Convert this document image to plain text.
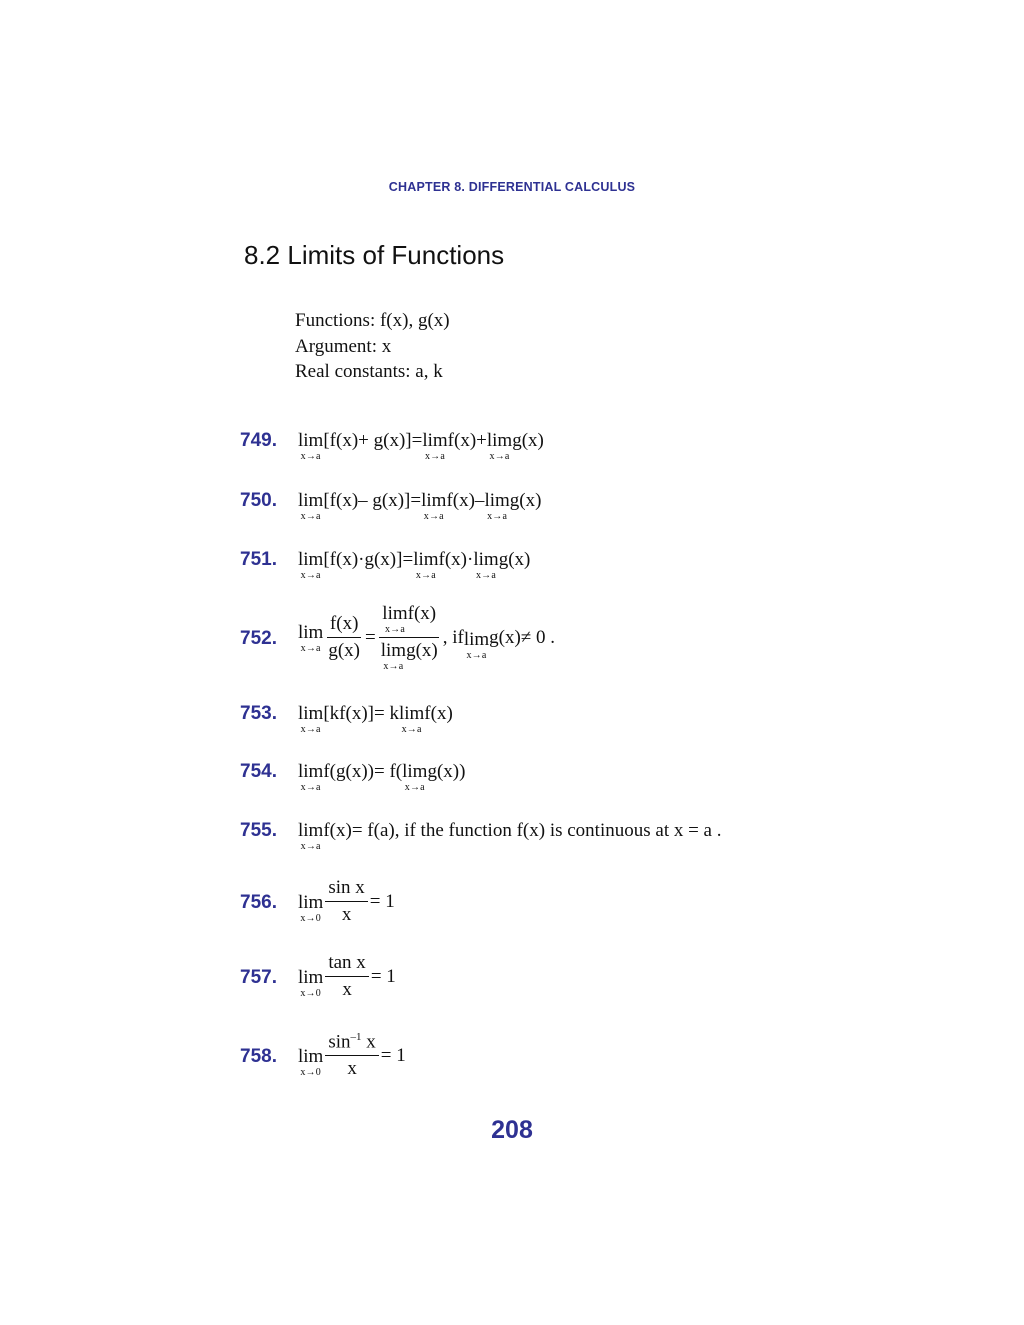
CHAPTER 8. DIFFERENTIAL CALCULUS
8.2 Limits of Functions
Functions: f(x), g(x)
Argument: x
Real constants: a, k
749. lim
x→a
[f(x)+ g(x)]= lim
x→a
f(x)+ lim
x→a
g(x)
750. lim
x→a
[f(x)– g(x)]= lim
x→a
f(x)– lim
x→a
g(x)
751. lim
x→a
[f(x)·g(x)]= lim
x→a
f(x)· lim
x→a
g(x)
752. lim
$x\to a \frac{f(x)}{g(x)} = \lim$
x→a
f(x)
lim
x→a
g(x) , if lim
x→a
g(x)≠ 0 .
753. lim
x→a
[kf(x)]= k lim
x→a
f(x)
754. lim
x→a
f(g(x))= f( lim
x→a
g(x))
755. lim
x→a
f(x)= f(a), if the function f(x) is continuous at x = a .
756. lim
$x\to 0 \frac{\text{sin x}}{x} = 1$
757. lim
$x\to 0 \frac{\text{tan x}}{x} = 1$
758. lim
$x\to 0 \frac{\sin^{-1} x}{x} = 1$
208
